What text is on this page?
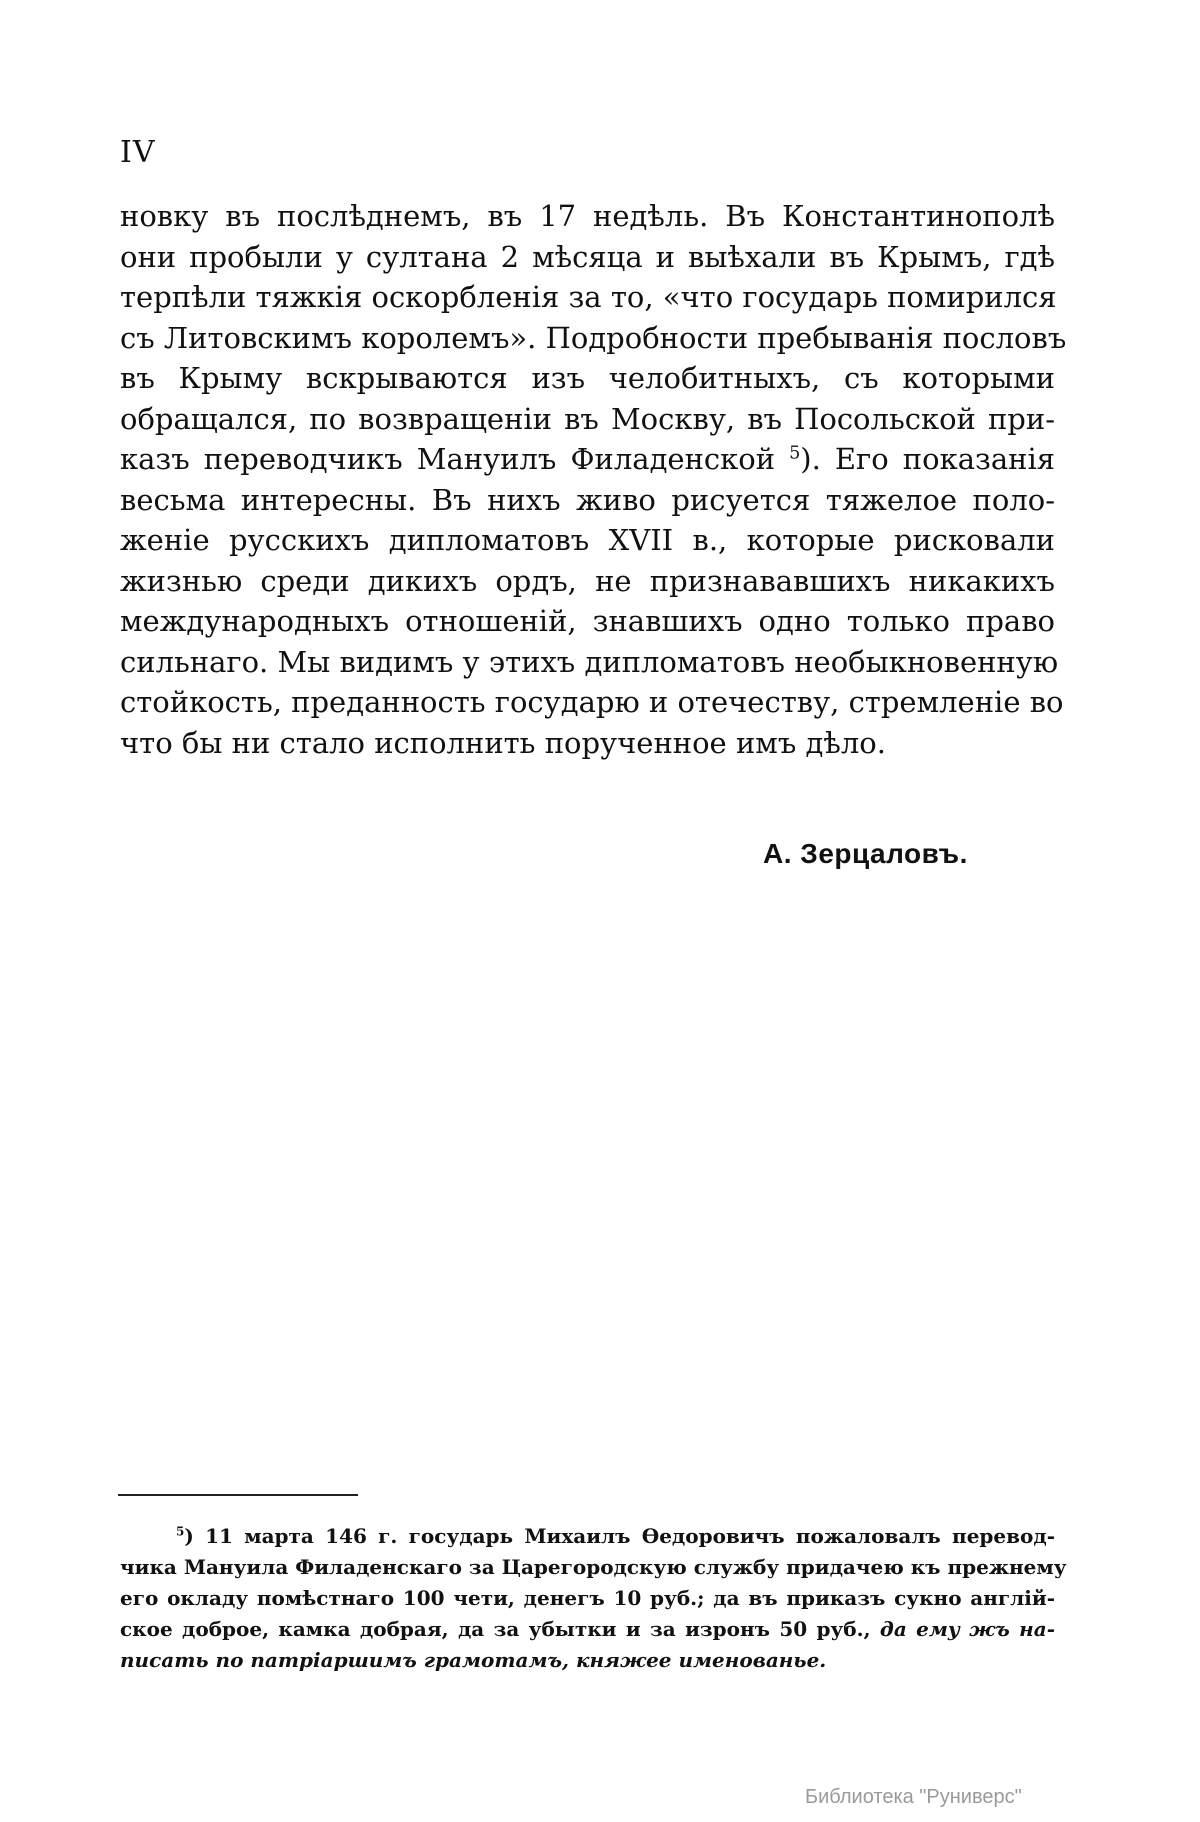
IV
новку въ послѣднемъ, въ 17 недѣль. Въ Константинополѣ
они пробыли у султана 2 мѣсяца и выѣхали въ Крымъ, гдѣ
терпѣли тяжкія оскорбленія за то, «что государь помирился
съ Литовскимъ королемъ». Подробности пребыванія пословъ
въ Крыму вскрываются изъ челобитныхъ, съ которыми
обращался, по возвращеніи въ Москву, въ Посольской при-
казъ переводчикъ Мануилъ Филаденской $^5$). Его показанія
весьма интересны. Въ нихъ живо рисуется тяжелое поло-
женіе русскихъ дипломатовъ XVII в., которые рисковали
жизнью среди дикихъ ордъ, не признававшихъ никакихъ
международныхъ отношеній, знавшихъ одно только право
сильнаго. Мы видимъ у этихъ дипломатовъ необыкновенную
стойкость, преданность государю и отечеству, стремленіе во
что бы ни стало исполнить порученное имъ дѣло.
А. Зерцаловъ.
$^5$) 11 марта 146 г. государь Михаилъ Ѳедоровичъ пожаловалъ перевод-
чика Мануила Филаденскаго за Царегородскую службу придачею къ прежнему
его окладу помѣстнаго 100 чети, денегъ 10 руб.; да въ приказъ сукно англій-
ское доброе, камка добрая, да за убытки и за изронъ 50 руб., да ему жъ на-
писать по патріаршимъ грамотамъ, княжее именованье.
Библиотека "Руниверс"
